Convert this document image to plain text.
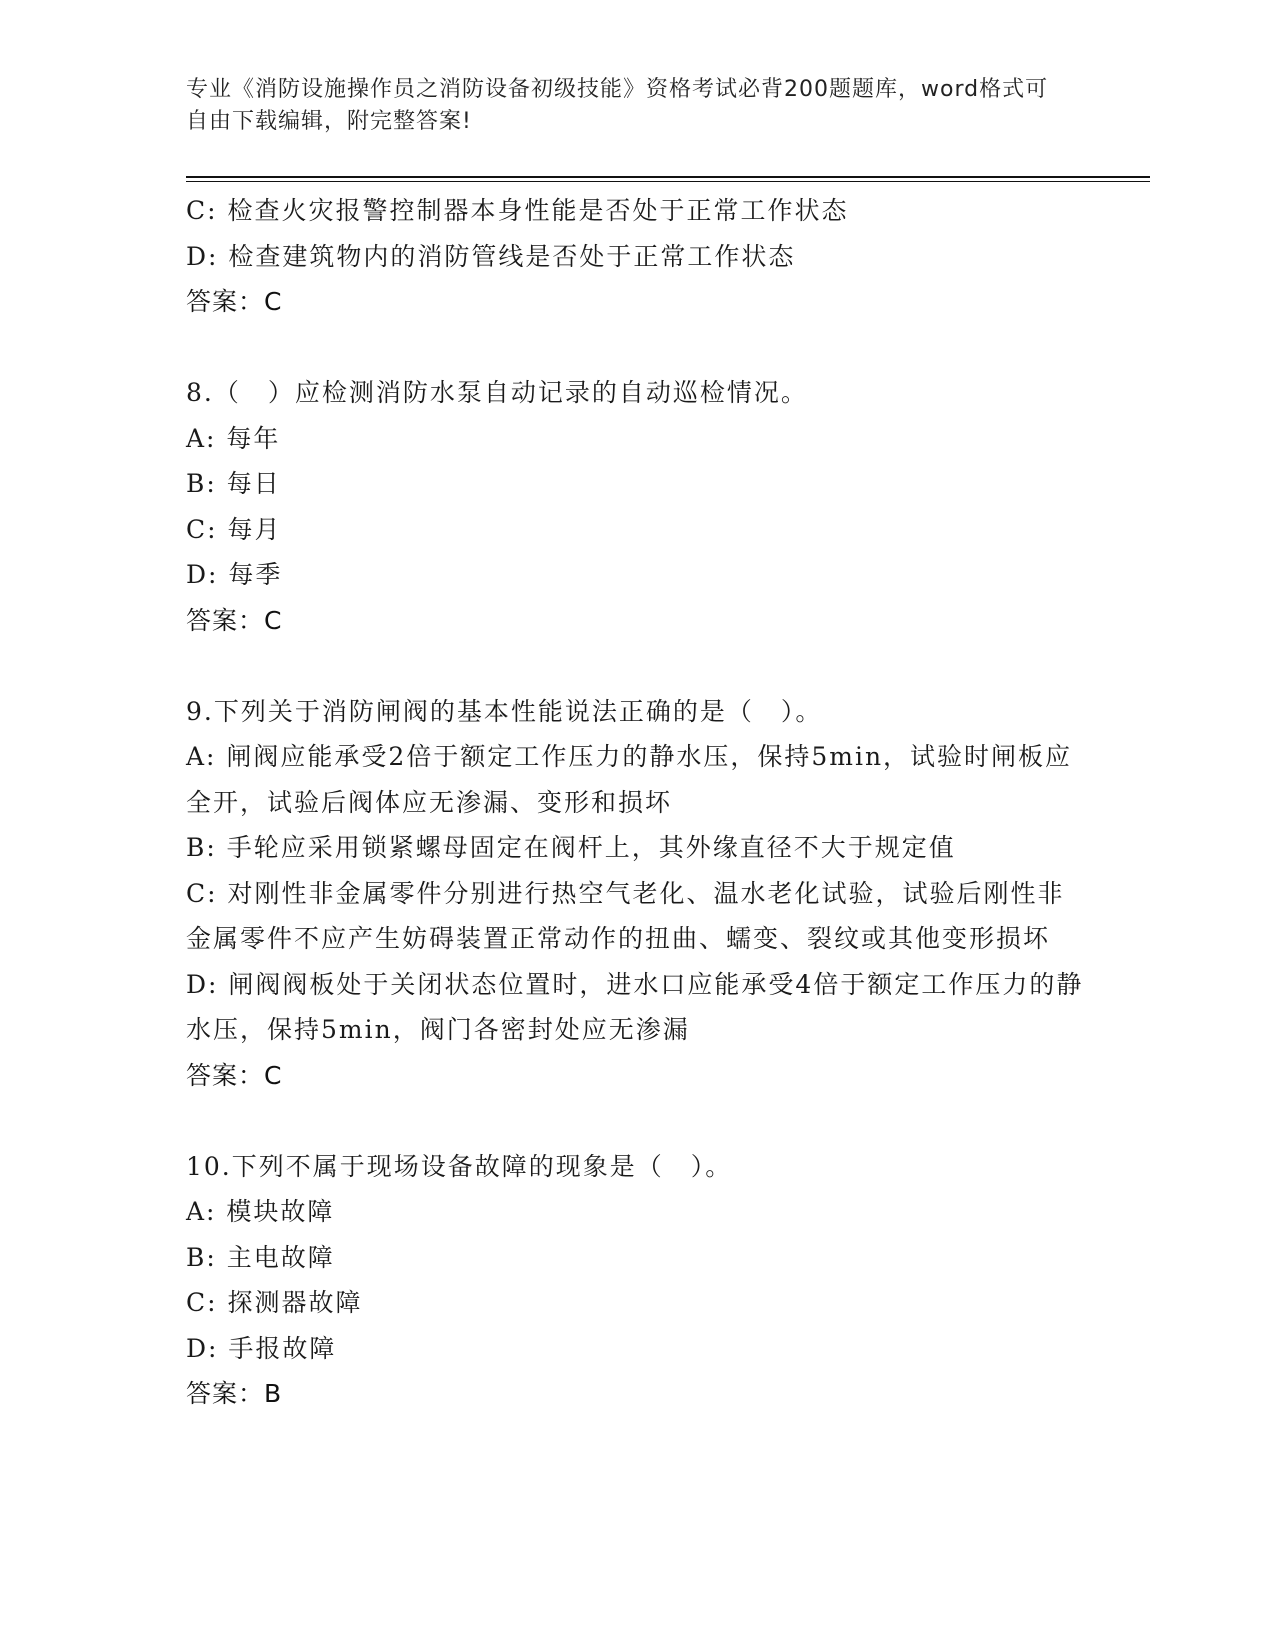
专业《消防设施操作员之消防设备初级技能》资格考试必背200题题库，word格式可自由下载编辑，附完整答案!
C: 检查火灾报警控制器本身性能是否处于正常工作状态
D: 检查建筑物内的消防管线是否处于正常工作状态
答案：C
8.（　）应检测消防水泵自动记录的自动巡检情况。
A: 每年
B: 每日
C: 每月
D: 每季
答案：C
9.下列关于消防闸阀的基本性能说法正确的是（　）。
A: 闸阀应能承受2倍于额定工作压力的静水压，保持5min，试验时闸板应全开，试验后阀体应无渗漏、变形和损坏
B: 手轮应采用锁紧螺母固定在阀杆上，其外缘直径不大于规定值
C: 对刚性非金属零件分别进行热空气老化、温水老化试验，试验后刚性非金属零件不应产生妨碍装置正常动作的扭曲、蠕变、裂纹或其他变形损坏
D: 闸阀阀板处于关闭状态位置时，进水口应能承受4倍于额定工作压力的静水压，保持5min，阀门各密封处应无渗漏
答案：C
10.下列不属于现场设备故障的现象是（　）。
A: 模块故障
B: 主电故障
C: 探测器故障
D: 手报故障
答案：B
